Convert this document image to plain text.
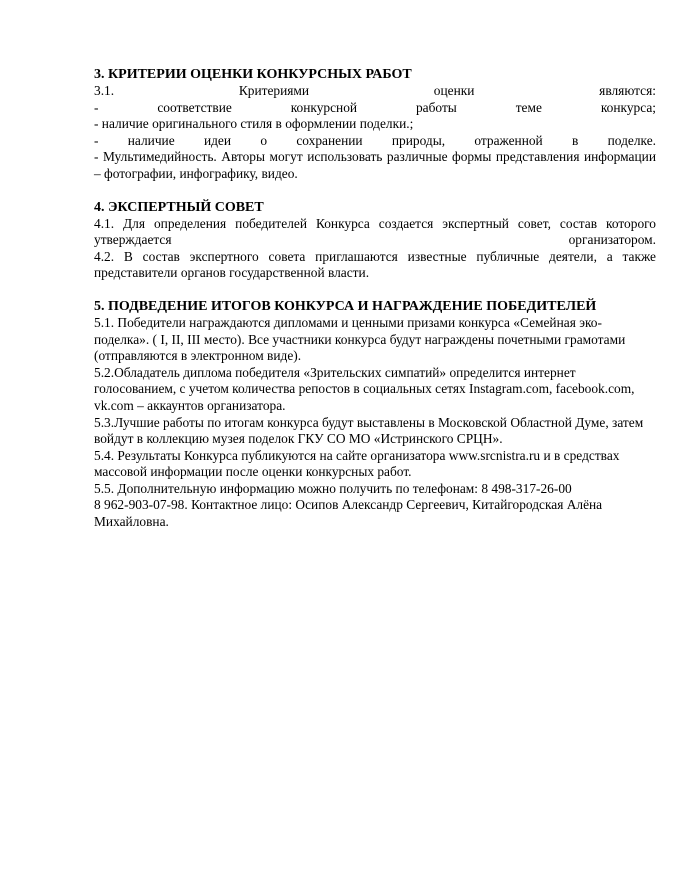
3. КРИТЕРИИ ОЦЕНКИ КОНКУРСНЫХ РАБОТ

3.1. Критериями оценки являются:

- соответствие конкурсной работы теме конкурса;

- наличие оригинального стиля в оформлении поделки.;

- наличие идеи о сохранении природы, отраженной в поделке.

- Мультимедийность. Авторы могут использовать различные формы представления информации – фотографии, инфографику, видео.

4. ЭКСПЕРТНЫЙ СОВЕТ

4.1. Для определения победителей Конкурса создается экспертный совет, состав которого утверждается организатором.

4.2. В состав экспертного совета приглашаются известные публичные деятели, а также представители органов государственной власти.

5. ПОДВЕДЕНИЕ ИТОГОВ КОНКУРСА И НАГРАЖДЕНИЕ ПОБЕДИТЕЛЕЙ

5.1. Победители награждаются дипломами и ценными призами конкурса «Семейная эко-поделка». ( I, II, III место). Все участники конкурса будут награждены почетными грамотами (отправляются в электронном виде).

5.2.Обладатель диплома победителя «Зрительских симпатий» определится интернет голосованием, с учетом количества репостов в социальных сетях Instagram.com, facebook.com, vk.com – аккаунтов организатора.

5.3.Лучшие работы по итогам конкурса будут выставлены в Московской Областной Думе, затем войдут в коллекцию музея поделок ГКУ СО МО «Истринского СРЦН».

5.4. Результаты Конкурса публикуются на сайте организатора www.srcnistra.ru и в средствах массовой информации после оценки конкурсных работ.

5.5. Дополнительную информацию можно получить по телефонам: 8 498-317-26-00

8 962-903-07-98. Контактное лицо: Осипов Александр Сергеевич, Китайгородская Алёна Михайловна.
